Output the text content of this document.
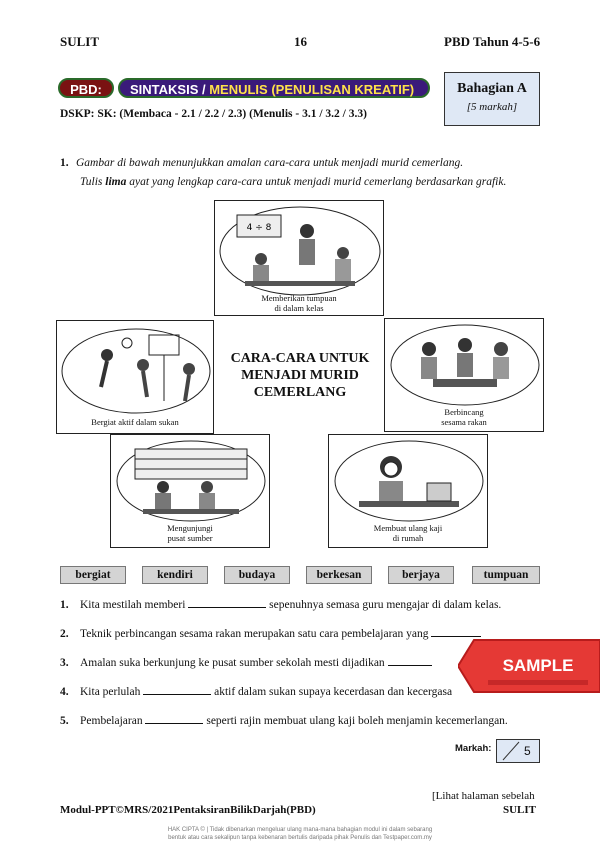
SULIT	16	PBD Tahun 4-5-6
PBD:	SINTAKSIS / MENULIS (PENULISAN KREATIF)	Bahagian A
[5 markah]
DSKP: SK: (Membaca - 2.1 / 2.2 / 2.3) (Menulis - 3.1 / 3.2 / 3.3)
1. Gambar di bawah menunjukkan amalan cara-cara untuk menjadi murid cemerlang.
Tulis lima ayat yang lengkap cara-cara untuk menjadi murid cemerlang berdasarkan grafik.
4 ÷ 8
Memberikan tumpuan
di dalam kelas
Bergiat aktif dalam sukan
CARA-CARA UNTUK MENJADI MURID CEMERLANG
Berbincang
sesama rakan
Mengunjungi
pusat sumber
Membuat ulang kaji
di rumah
bergiat	kendiri	budaya	berkesan	berjaya	tumpuan
1. Kita mestilah memberi	sepenuhnya semasa guru mengajar di dalam kelas.
2. Teknik perbincangan sesama rakan merupakan satu cara pembelajaran yang
3. Amalan suka berkunjung ke pusat sumber sekolah mesti dijadikan
4. Kita perlulah	aktif dalam sukan supaya kecerdasan dan kecergasa
5. Pembelajaran	seperti rajin membuat ulang kaji boleh menjamin kecemerlangan.
SAMPLE
Markah:	5
[Lihat halaman sebelah
Modul-PPT©MRS/2021PentaksiranBilikDarjah(PBD)	SULIT
HAK CIPTA © | Tidak dibenarkan mengeluar ulang mana-mana bahagian modul ini dalam sebarang
bentuk atau cara sekalipun tanpa kebenaran bertulis daripada pihak Penulis dan Testpaper.com.my
